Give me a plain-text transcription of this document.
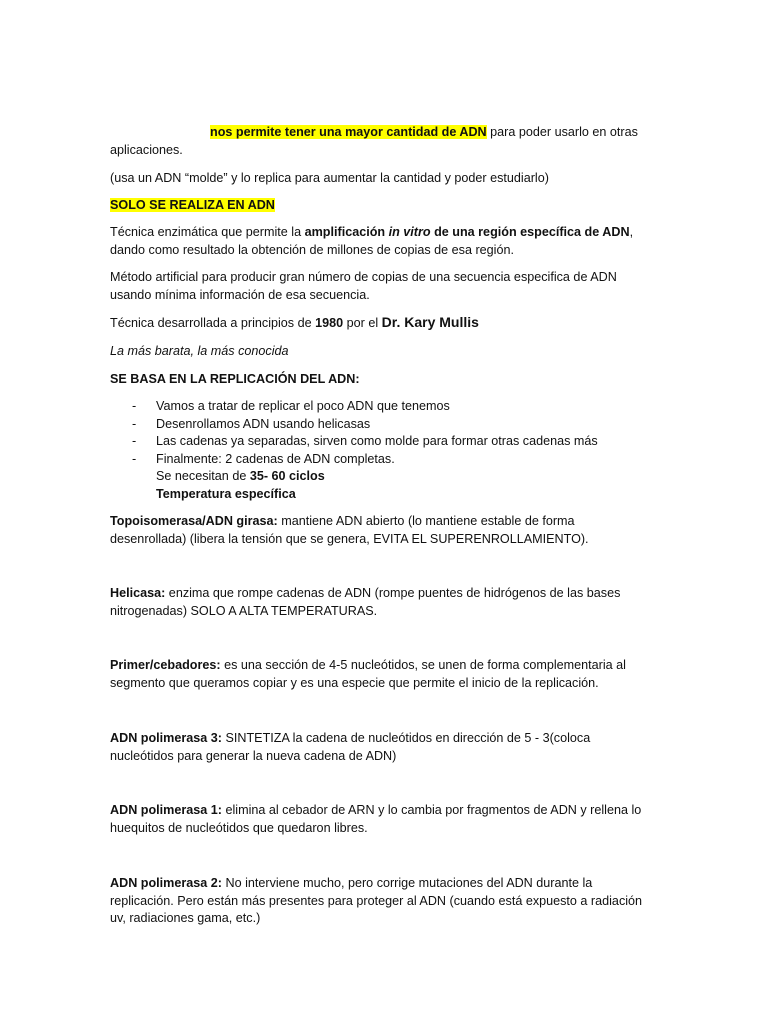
nos permite tener una mayor cantidad de ADN para poder usarlo en otras aplicaciones.

(usa un ADN “molde” y lo replica para aumentar la cantidad y poder estudiarlo)

SOLO SE REALIZA EN ADN

Técnica enzimática que permite la amplificación in vitro de una región específica de ADN, dando como resultado la obtención de millones de copias de esa región.

Método artificial para producir gran número de copias de una secuencia especifica de ADN usando mínima información de esa secuencia.

Técnica desarrollada a principios de 1980 por el Dr. Kary Mullis

La más barata, la más conocida

SE BASA EN LA REPLICACIÓN DEL ADN:

- Vamos a tratar de replicar el poco ADN que tenemos
- Desenrollamos ADN usando helicasas
- Las cadenas ya separadas, sirven como molde para formar otras cadenas más
- Finalmente: 2 cadenas de ADN completas.
Se necesitan de 35- 60 ciclos
Temperatura específica

Topoisomerasa/ADN girasa: mantiene ADN abierto (lo mantiene estable de forma desenrollada) (libera la tensión que se genera, EVITA EL SUPERENROLLAMIENTO).

Helicasa: enzima que rompe cadenas de ADN (rompe puentes de hidrógenos de las bases nitrogenadas) SOLO A ALTA TEMPERATURAS.

Primer/cebadores: es una sección de 4-5 nucleótidos, se unen de forma complementaria al segmento que queramos copiar y es una especie que permite el inicio de la replicación.

ADN polimerasa 3: SINTETIZA la cadena de nucleótidos en dirección de 5 - 3(coloca nucleótidos para generar la nueva cadena de ADN)

ADN polimerasa 1: elimina al cebador de ARN y lo cambia por fragmentos de ADN y rellena lo huequitos de nucleótidos que quedaron libres.

ADN polimerasa 2: No interviene mucho, pero corrige mutaciones del ADN durante la replicación. Pero están más presentes para proteger al ADN (cuando está expuesto a radiación uv, radiaciones gama, etc.)
